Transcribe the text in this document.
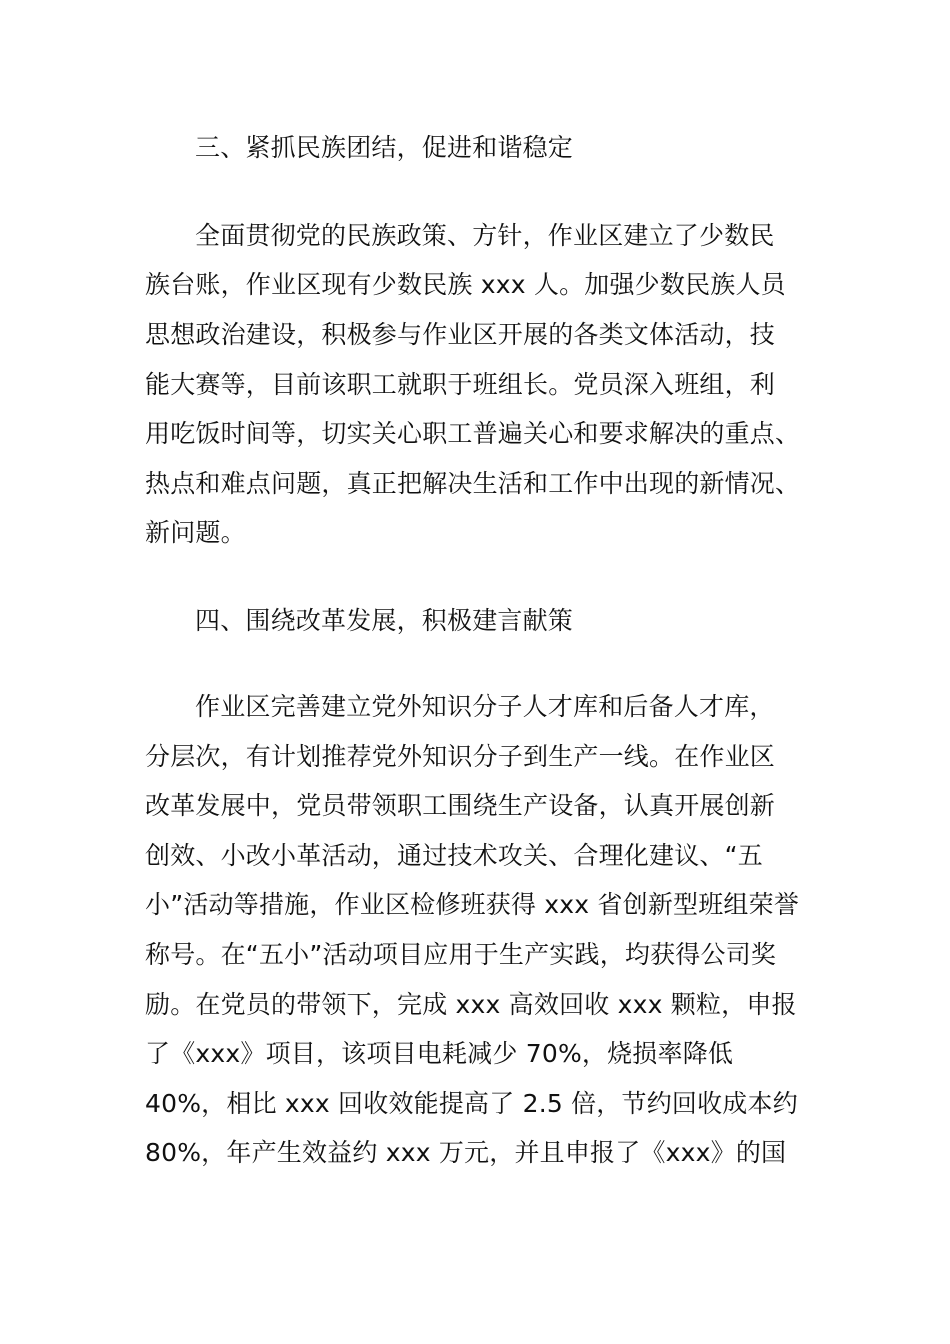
三、紧抓民族团结，促进和谐稳定
全面贯彻党的民族政策、方针，作业区建立了少数民
族台账，作业区现有少数民族 xxx 人。加强少数民族人员
思想政治建设，积极参与作业区开展的各类文体活动，技
能大赛等，目前该职工就职于班组长。党员深入班组，利
用吃饭时间等，切实关心职工普遍关心和要求解决的重点、
热点和难点问题，真正把解决生活和工作中出现的新情况、
新问题。
四、围绕改革发展，积极建言献策
作业区完善建立党外知识分子人才库和后备人才库，
分层次，有计划推荐党外知识分子到生产一线。在作业区
改革发展中，党员带领职工围绕生产设备，认真开展创新
创效、小改小革活动，通过技术攻关、合理化建议、“五
小”活动等措施，作业区检修班获得 xxx 省创新型班组荣誉
称号。在“五小”活动项目应用于生产实践，均获得公司奖
励。在党员的带领下，完成 xxx 高效回收 xxx 颗粒，申报
了《xxx》项目，该项目电耗减少 70%，烧损率降低
40%，相比 xxx 回收效能提高了 2.5 倍，节约回收成本约
80%，年产生效益约 xxx 万元，并且申报了《xxx》的国
